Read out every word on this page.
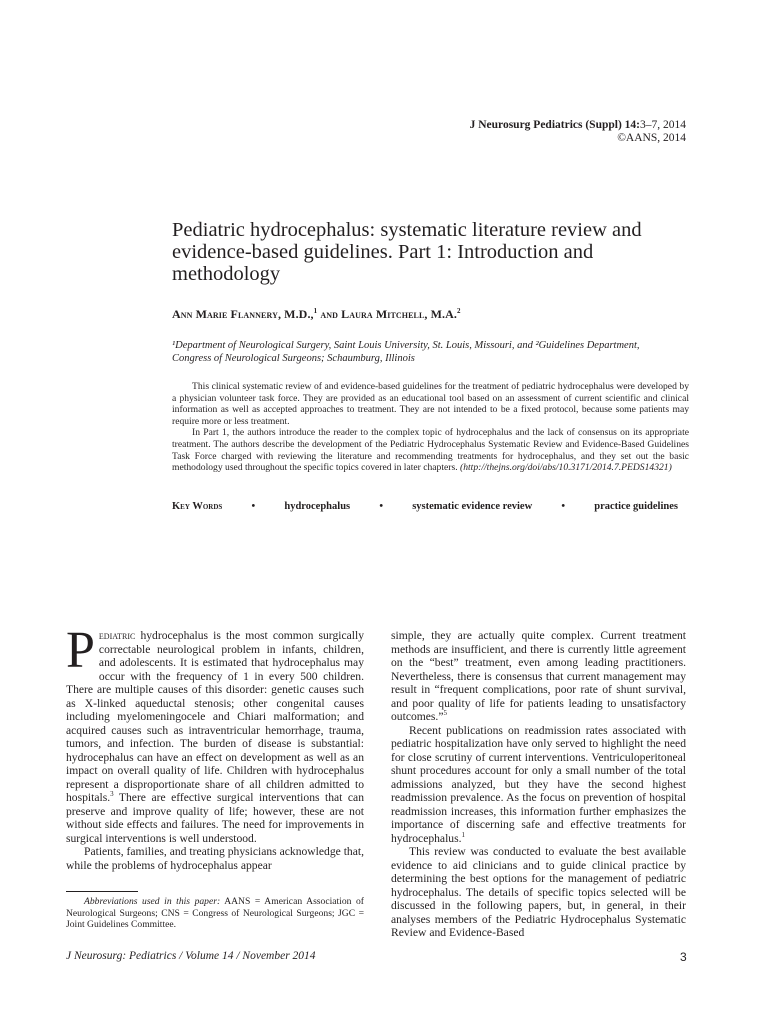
J Neurosurg Pediatrics (Suppl) 14:3–7, 2014
©AANS, 2014
Pediatric hydrocephalus: systematic literature review and evidence-based guidelines. Part 1: Introduction and methodology
Ann Marie Flannery, M.D.,$^1$ and Laura Mitchell, M.A.$^2$
¹Department of Neurological Surgery, Saint Louis University, St. Louis, Missouri, and ²Guidelines Department, Congress of Neurological Surgeons; Schaumburg, Illinois

This clinical systematic review of and evidence-based guidelines for the treatment of pediatric hydrocephalus were developed by a physician volunteer task force. They are provided as an educational tool based on an assessment of current scientific and clinical information as well as accepted approaches to treatment. They are not intended to be a fixed protocol, because some patients may require more or less treatment.

In Part 1, the authors introduce the reader to the complex topic of hydrocephalus and the lack of consensus on its appropriate treatment. The authors describe the development of the Pediatric Hydrocephalus Systematic Review and Evidence-Based Guidelines Task Force charged with reviewing the literature and recommending treatments for hydrocephalus, and they set out the basic methodology used throughout the specific topics covered in later chapters. (http://thejns.org/doi/abs/10.3171/2014.7.PEDS14321)

Key Words	•	hydrocephalus	•	systematic evidence review	•	practice guidelines

Pediatric hydrocephalus is the most common surgically correctable neurological problem in infants, children, and adolescents. It is estimated that hydrocephalus may occur with the frequency of 1 in every 500 children. There are multiple causes of this disorder: genetic causes such as X-linked aqueductal stenosis; other congenital causes including myelomeningocele and Chiari malformation; and acquired causes such as intraventricular hemorrhage, trauma, tumors, and infection. The burden of disease is substantial: hydrocephalus can have an effect on development as well as an impact on overall quality of life. Children with hydrocephalus represent a disproportionate share of all children admitted to hospitals.$^3$ There are effective surgical interventions that can preserve and improve quality of life; however, these are not without side effects and failures. The need for improvements in surgical interventions is well understood.

Patients, families, and treating physicians acknowledge that, while the problems of hydrocephalus appear

Abbreviations used in this paper: AANS = American Association of Neurological Surgeons; CNS = Congress of Neurological Surgeons; JGC = Joint Guidelines Committee.

simple, they are actually quite complex. Current treatment methods are insufficient, and there is currently little agreement on the “best” treatment, even among leading practitioners. Nevertheless, there is consensus that current management may result in “frequent complications, poor rate of shunt survival, and poor quality of life for patients leading to unsatisfactory outcomes.”$^5$

Recent publications on readmission rates associated with pediatric hospitalization have only served to highlight the need for close scrutiny of current interventions. Ventriculoperitoneal shunt procedures account for only a small number of the total admissions analyzed, but they have the second highest readmission prevalence. As the focus on prevention of hospital readmission increases, this information further emphasizes the importance of discerning safe and effective treatments for hydrocephalus.$^1$

This review was conducted to evaluate the best available evidence to aid clinicians and to guide clinical practice by determining the best options for the management of pediatric hydrocephalus. The details of specific topics selected will be discussed in the following papers, but, in general, in their analyses members of the Pediatric Hydrocephalus Systematic Review and Evidence-Based

J Neurosurg: Pediatrics / Volume 14 / November 2014	3
